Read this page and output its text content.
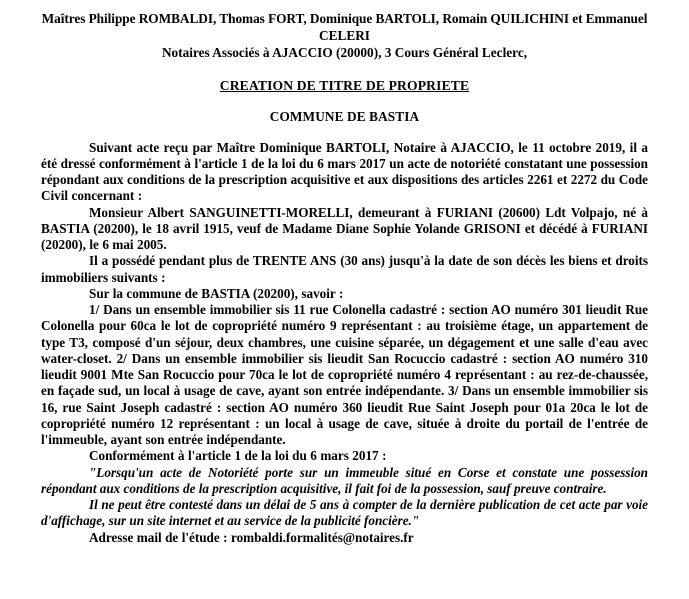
Maîtres Philippe ROMBALDI, Thomas FORT, Dominique BARTOLI, Romain QUILICHINI et Emmanuel
CELERI
Notaires Associés à AJACCIO (20000), 3 Cours Général Leclerc,
CREATION DE TITRE DE PROPRIETE
COMMUNE DE BASTIA

Suivant acte reçu par Maître Dominique BARTOLI, Notaire à AJACCIO, le 11 octobre 2019, il a été dressé conformément à l'article 1 de la loi du 6 mars 2017 un acte de notoriété constatant une possession répondant aux conditions de la prescription acquisitive et aux dispositions des articles 2261 et 2272 du Code Civil concernant :

Monsieur Albert SANGUINETTI-MORELLI, demeurant à FURIANI (20600) Ldt Volpajo, né à BASTIA (20200), le 18 avril 1915, veuf de Madame Diane Sophie Yolande GRISONI et décédé à FURIANI (20200), le 6 mai 2005.

Il a possédé pendant plus de TRENTE ANS (30 ans) jusqu'à la date de son décès les biens et droits immobiliers suivants :

Sur la commune de BASTIA (20200), savoir :

1/ Dans un ensemble immobilier sis 11 rue Colonella cadastré : section AO numéro 301 lieudit Rue Colonella pour 60ca le lot de copropriété numéro 9 représentant : au troisième étage, un appartement de type T3, composé d'un séjour, deux chambres, une cuisine séparée, un dégagement et une salle d'eau avec water-closet. 2/ Dans un ensemble immobilier sis lieudit San Rocuccio cadastré : section AO numéro 310 lieudit 9001 Mte San Rocuccio pour 70ca le lot de copropriété numéro 4 représentant : au rez-de-chaussée, en façade sud, un local à usage de cave, ayant son entrée indépendante. 3/ Dans un ensemble immobilier sis 16, rue Saint Joseph cadastré : section AO numéro 360 lieudit Rue Saint Joseph pour 01a 20ca le lot de copropriété numéro 12 représentant : un local à usage de cave, située à droite du portail de l'entrée de l'immeuble, ayant son entrée indépendante.

Conformément à l'article 1 de la loi du 6 mars 2017 :

"Lorsqu'un acte de Notoriété porte sur un immeuble situé en Corse et constate une possession répondant aux conditions de la prescription acquisitive, il fait foi de la possession, sauf preuve contraire.

Il ne peut être contesté dans un délai de 5 ans à compter de la dernière publication de cet acte par voie d'affichage, sur un site internet et au service de la publicité foncière."

Adresse mail de l'étude : rombaldi.formalités@notaires.fr
